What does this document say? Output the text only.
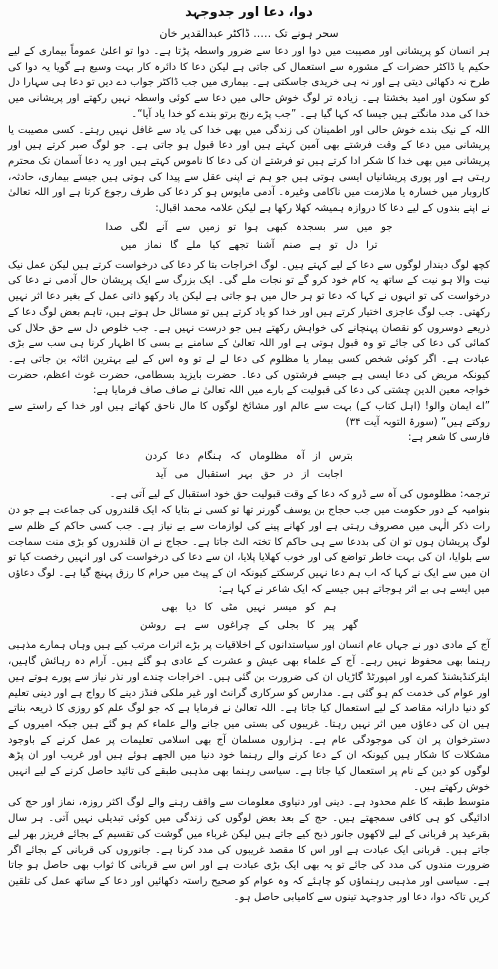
دوا، دعا اور جدوجہد
سحر ہونے تک ….. ڈاکٹر عبدالقدیر خان

ہر انسان کو پریشانی اور مصیبت میں دوا اور دعا سے ضرور واسطہ پڑتا ہے۔ دوا تو اعلیٰ عموماً بیماری کے لیے حکیم یا ڈاکٹر حضرات کے مشورہ سے استعمال کی جاتی ہے لیکن دعا کا دائرہ کار بہت وسیع ہے گویا یہ دوا کی طرح نہ دکھائی دیتی ہے اور نہ ہی خریدی جاسکتی ہے۔ بیماری میں جب ڈاکٹر جواب دے دیں تو دعا ہی سہارا دل کو سکون اور امید بخشتا ہے۔ زیادہ تر لوگ خوش حالی میں دعا سے کوئی واسطہ نہیں رکھتے اور پریشانی میں خدا کی مدد مانگتے ہیں جیسا کہ کہا گیا ہے۔ ”جب پڑے رنج برتو بندے کو خدا یاد آیا“۔

اللہ کے نیک بندے خوش حالی اور اطمینان کی زندگی میں بھی خدا کی یاد سے غافل نہیں رہتے۔ کسی مصیبت یا پریشانی میں دعا کے وقت فرشتے بھی آمین کہتے ہیں اور دعا قبول ہو جاتی ہے۔ جو لوگ صبر کرتے ہیں اور پریشانی میں بھی خدا کا شکر ادا کرتے ہیں تو فرشتے ان کی دعا کا ناموس کہتے ہیں اور یہ دعا آسمان تک محترم رہتی ہے اور پوری پریشانیاں ایسی ہوتی ہیں جو ہم نے اپنی عقل سے پیدا کی ہوتی ہیں جیسے بیماری، حادثہ، کاروبار میں خسارہ یا ملازمت میں ناکامی وغیرہ۔ آدمی مایوس ہو کر دعا کی طرف رجوع کرتا ہے اور اللہ تعالیٰ نے اپنے بندوں کے لیے دعا کا دروازہ ہمیشہ کھلا رکھا ہے لیکن علامہ محمد اقبال:

جو میں سر بسجدہ کبھی ہوا تو زمیں سے آنے لگی صدا
ترا دل تو ہے صنم آشنا تجھے کیا ملے گا نماز میں

کچھ لوگ دیندار لوگوں سے دعا کے لیے کہتے ہیں۔ لوگ اخراجات بتا کر دعا کی درخواست کرتے ہیں لیکن عمل نیک نیت والا ہو نیت کے ساتھ یہ کام خود کرو گے تو نجات ملے گی۔ ایک بزرگ سے ایک پریشان حال آدمی نے دعا کی درخواست کی تو انہوں نے کہا کہ دعا تو ہر حال میں ہو جاتی ہے لیکن یاد رکھو ذاتی عمل کے بغیر دعا اثر نہیں رکھتی۔ جب لوگ عاجزی اختیار کرتے ہیں اور خدا کو یاد کرتے ہیں تو مسائل حل ہوتے ہیں، تاہم بعض لوگ دعا کے ذریعے دوسروں کو نقصان پہنچانے کی خواہش رکھتے ہیں جو درست نہیں ہے۔ جب خلوص دل سے حق حلال کی کمائی کی دعا کی جائے تو وہ قبول ہوتی ہے اور اللہ تعالیٰ کے سامنے بے بسی کا اظہار کرنا ہی سب سے بڑی عبادت ہے۔ اگر کوئی شخص کسی بیمار یا مظلوم کی دعا لے لے تو وہ اس کے لیے بہترین اثاثہ بن جاتی ہے۔ کیونکہ مریض کی دعا ایسی ہے جیسے فرشتوں کی دعا۔ حضرت بایزید بسطامی، حضرت غوث اعظم، حضرت خواجہ معین الدین چشتی کی دعا کی قبولیت کے بارے میں اللہ تعالیٰ نے صاف صاف فرمایا ہے:

”اے ایمان والو! (اہل کتاب کے) بہت سے عالم اور مشائخ لوگوں کا مال ناحق کھاتے ہیں اور خدا کے راستے سے روکتے ہیں“ (سورۃ التوبہ آیت ۳۴)

فارسی کا شعر ہے:

بترس از آہ مظلوماں کہ ہنگام دعا کردن
اجابت از در حق بہر استقبال می آید

ترجمہ: مظلوموں کی آہ سے ڈرو کہ دعا کے وقت قبولیت حق خود استقبال کے لیے آتی ہے۔

بنوامیہ کے دور حکومت میں جب حجاج بن یوسف گورنر تھا تو کسی نے بتایا کہ ایک قلندروں کی جماعت ہے جو دن رات ذکر الٰہی میں مصروف رہتی ہے اور کھانے پینے کی لوازمات سے بے نیاز ہے۔ جب کسی حاکم کے ظلم سے لوگ پریشان ہوں تو ان کی بددعا سے ہی حاکم کا تختہ الٹ جاتا ہے۔ حجاج نے ان قلندروں کو بڑی منت سماجت سے بلوایا، ان کی بہت خاطر تواضع کی اور خوب کھلایا پلایا، ان سے دعا کی درخواست کی اور انہیں رخصت کیا تو ان میں سے ایک نے کہا کہ اب ہم دعا نہیں کرسکتے کیونکہ ان کے پیٹ میں حرام کا رزق پہنچ گیا ہے۔ لوگ دعاؤں میں ایسے ہی بے اثر ہوجاتے ہیں جیسے کہ ایک شاعر نے کہا ہے:

ہم کو میسر نہیں مٹی کا دیا بھی
گھر پیر کا بجلی کے چراغوں سے ہے روشن

آج کے مادی دور نے جہاں عام انسان اور سیاستدانوں کے اخلاقیات پر بڑے اثرات مرتب کیے ہیں وہاں ہمارے مذہبی رہنما بھی محفوظ نہیں رہے۔ آج کے علماء بھی عیش و عشرت کے عادی ہو گئے ہیں۔ آرام دہ رہائش گاہیں، ایئرکنڈیشنڈ کمرے اور امپورٹڈ گاڑیاں ان کی ضرورت بن گئی ہیں۔ اخراجات چندے اور نذر نیاز سے پورے ہوتے ہیں اور عوام کی خدمت کم ہو گئی ہے۔ مدارس کو سرکاری گرانٹ اور غیر ملکی فنڈز دینے کا رواج ہے اور دینی تعلیم کو دنیا دارانہ مقاصد کے لیے استعمال کیا جاتا ہے۔ اللہ تعالیٰ نے فرمایا ہے کہ جو لوگ علم کو روزی کا ذریعہ بناتے ہیں ان کی دعاؤں میں اثر نہیں رہتا۔ غریبوں کی بستی میں جانے والے علماء کم ہو گئے ہیں جبکہ امیروں کے دسترخوان پر ان کی موجودگی عام ہے۔ ہزاروں مسلمان آج بھی اسلامی تعلیمات پر عمل کرنے کے باوجود مشکلات کا شکار ہیں کیونکہ ان کے دعا کرنے والے رہنما خود دنیا میں الجھے ہوئے ہیں اور غریب اور ان پڑھ لوگوں کو دین کے نام پر استعمال کیا جاتا ہے۔ سیاسی رہنما بھی مذہبی طبقے کی تائید حاصل کرنے کے لیے انہیں خوش رکھتے ہیں۔

متوسط طبقہ کا علم محدود ہے۔ دینی اور دنیاوی معلومات سے واقف رہنے والے لوگ اکثر روزہ، نماز اور حج کی ادائیگی کو ہی کافی سمجھتے ہیں۔ حج کے بعد بعض لوگوں کی زندگی میں کوئی تبدیلی نہیں آتی۔ ہر سال بقرعید پر قربانی کے لیے لاکھوں جانور ذبح کیے جاتے ہیں لیکن غرباء میں گوشت کی تقسیم کے بجائے فریزر بھر لیے جاتے ہیں۔ قربانی ایک عبادت ہے اور اس کا مقصد غریبوں کی مدد کرنا ہے۔ جانوروں کی قربانی کے بجائے اگر ضرورت مندوں کی مدد کی جائے تو یہ بھی ایک بڑی عبادت ہے اور اس سے قربانی کا ثواب بھی حاصل ہو جاتا ہے۔ سیاسی اور مذہبی رہنماؤں کو چاہئے کہ وہ عوام کو صحیح راستہ دکھائیں اور دعا کے ساتھ عمل کی تلقین کریں تاکہ دوا، دعا اور جدوجہد تینوں سے کامیابی حاصل ہو۔
